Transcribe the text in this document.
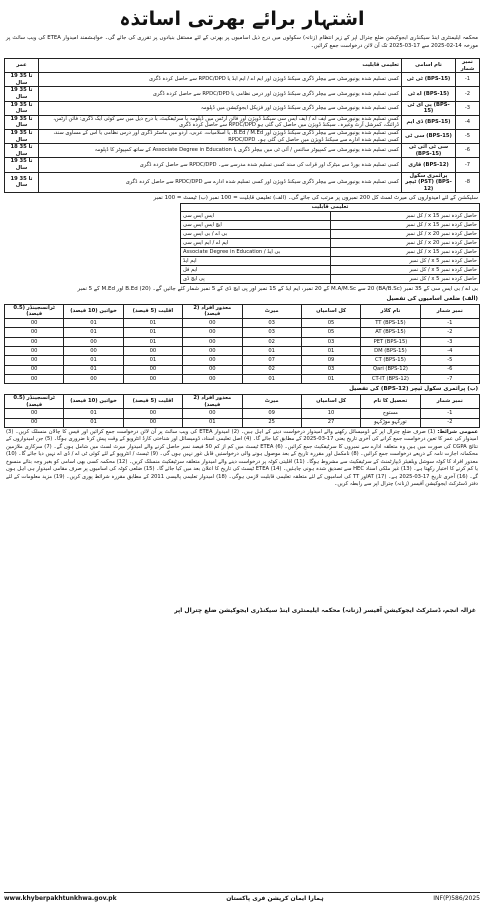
اشتہار برائے بھرتی اساتذہ
محکمہ ایلیمنٹری اینڈ سیکنڈری ایجوکیشن ضلع چترال اپر کے زیر انتظام (زنانہ) سکولوں میں درج ذیل اسامیوں پر بھرتی کے لئے مستقل بنیادوں پر تقرری کی جائے گی۔ خواہشمند امیدوار ETEA کی ویب سائٹ پر مورخہ 14-02-2025 سے 17-03-2025 تک آن لائن درخواست جمع کرائیں۔
عمر	تعلیمی قابلیت	نام اسامی	نمبر شمار
19 تا 35 سال	کسی تسلیم شدہ یونیورسٹی سے بیچلر ڈگری سیکنڈ ڈویژن اور ایم اے / ایم ایڈ یا RPDC/DPD سے حاصل کردہ ڈگری	ٹی ٹی (BPS-15)	-1
19 تا 35 سال	کسی تسلیم شدہ یونیورسٹی سے بیچلر ڈگری سیکنڈ ڈویژن اور درس نظامی یا RPDC/DPD سے حاصل کردہ ڈگری	اے ٹی (BPS-15)	-2
19 تا 35 سال	کسی تسلیم شدہ یونیورسٹی سے بیچلر ڈگری سیکنڈ ڈویژن اور فزیکل ایجوکیشن میں ڈپلومہ	پی ای ٹی (BPS-15)	-3
19 تا 35 سال	کسی تسلیم شدہ یونیورسٹی سے ایف اے / ایف ایس سی سیکنڈ ڈویژن اور فائن آرٹس میں ڈپلومہ یا سرٹیفکیٹ، یا درج ذیل میں سے کوئی ایک ڈگری: فائن آرٹس، ڈرائنگ، کمرشل آرٹ وغیرہ۔ سیکنڈ ڈویژن میں حاصل کی گئی ہو RPDC/DPD سے حاصل کردہ ڈگری	ڈی ایم (BPS-15)	-4
19 تا 35 سال	کسی تسلیم شدہ یونیورسٹی سے بیچلر ڈگری سیکنڈ ڈویژن اور B.Ed / M.Ed، یا اسلامیات، عربی، اردو میں ماسٹر ڈگری اور درس نظامی یا اس کے مساوی سند، کسی تسلیم شدہ ادارے سے سیکنڈ ڈویژن میں حاصل کی گئی ہو۔ RPDC/DPD	سی ٹی (BPS-15)	-5
18 تا 35 سال	کسی تسلیم شدہ یونیورسٹی سے کمپیوٹر سائنس / آئی ٹی میں بیچلر ڈگری یا Associate Degree in Education کے ساتھ کمپیوٹر کا ڈپلومہ	سی ٹی آئی ٹی (BPS-15)	-6
19 تا 35 سال	کسی تسلیم شدہ بورڈ سے میٹرک اور قرات کی سند کسی تسلیم شدہ مدرسے سے۔ RPDC/DPD سے حاصل کردہ ڈگری	قاری (BPS-12)	-7
19 تا 35 سال	کسی تسلیم شدہ یونیورسٹی سے بیچلر ڈگری سیکنڈ ڈویژن اور کسی تسلیم شدہ ادارے سے RPDC/DPD سے حاصل کردہ ڈگری	پرائمری سکول ٹیچر (PST) (BPS-12)	-8
سلیکشن کے لئے امیدواروں کی میرٹ لسٹ کل 200 نمبروں پر مرتب کی جائے گی۔ (الف) تعلیمی قابلیت = 100 نمبر (ب) ٹیسٹ = 100 نمبر
تعلیمی قابلیت	
ایس ایس سی	حاصل کردہ نمبر x 15 / کل نمبر
ایچ ایس ایس سی	حاصل کردہ نمبر x 15 / کل نمبر
بی اے / بی ایس سی	حاصل کردہ نمبر x 20 / کل نمبر
ایم اے / ایم ایس سی	حاصل کردہ نمبر x 20 / کل نمبر
Associate Degree in Education / بی ایڈ	حاصل کردہ نمبر x 15 / کل نمبر
ایم ایڈ	حاصل کردہ نمبر x 5 / کل نمبر
ایم فل	حاصل کردہ نمبر x 5 / کل نمبر
پی ایچ ڈی	حاصل کردہ نمبر x 5 / کل نمبر
بی اے / بی ایس سی کے 35 نمبر (BA/B.Sc) 20 سے M.A/M.Sc کے 20 نمبر، ایم ایڈ کے 15 نمبر اور پی ایچ ڈی کے 5 نمبر شمار کئے جائیں گے۔ B.Ed (20) اور M.Ed کے 5 نمبر
(الف) ضلعی اسامیوں کی تفصیل
ٹرانسجینڈر (0.5 فیصد)	خواتین (10 فیصد)	اقلیت (5 فیصد)	معذور افراد (2 فیصد)	میرٹ	کل اسامیاں	نام کاڈر	نمبر شمار
00	01	01	00	03	05	TT (BPS-15)	-1
00	01	01	00	03	05	AT (BPS-15)	-2
00	00	01	00	02	03	PET (BPS-15)	-3
00	00	00	00	01	01	DM (BPS-15)	-4
00	01	01	00	07	09	CT (BPS-15)	-5
00	01	00	00	02	03	Qari (BPS-12)	-6
00	00	00	00	01	01	CT-IT (BPS-12)	-7
(ب) پرائمری سکول ٹیچر (BPS-12) کی تفصیل
ٹرانسجینڈر (0.5 فیصد)	خواتین (10 فیصد)	اقلیت (5 فیصد)	معذور افراد (2 فیصد)	میرٹ	کل اسامیاں	تحصیل کا نام	نمبر شمار
00	01	00	00	09	10	مستوج	-1
00	01	00	01	25	27	تورکہو موڑکہو	-2
عمومی شرائط: (1) صرف ضلع چترال اپر کے ڈومیسائل رکھنے والے امیدوار درخواست دینے کے اہل ہیں۔ (2) امیدوار ETEA کی ویب سائٹ پر آن لائن درخواست جمع کرائیں اور فیس کا چالان منسلک کریں۔ (3) امیدوار کی عمر کا تعین درخواست جمع کرانے کی آخری تاریخ یعنی 17-03-2025 کے مطابق کیا جائے گا۔ (4) اصل تعلیمی اسناد، ڈومیسائل اور شناختی کارڈ انٹرویو کے وقت پیش کرنا ضروری ہوگا۔ (5) جن امیدواروں کے نتائج CGPA کی صورت میں ہیں وہ متعلقہ ادارے سے نمبروں کا سرٹیفکیٹ جمع کرائیں۔ (6) ETEA ٹیسٹ میں کم از کم 50 فیصد نمبر حاصل کرنے والے امیدوار میرٹ لسٹ میں شامل ہوں گے۔ (7) سرکاری ملازمین محکمانہ اجازت نامہ کے ذریعے درخواست جمع کرائیں۔ (8) نامکمل اور مقررہ تاریخ کے بعد موصول ہونے والی درخواستیں قابل غور نہیں ہوں گی۔ (9) ٹیسٹ / انٹرویو کے لئے کوئی ٹی اے / ڈی اے نہیں دیا جائے گا۔ (10) معذور افراد کا کوٹہ سوشل ویلفیئر ڈیپارٹمنٹ کے سرٹیفکیٹ سے مشروط ہوگا۔ (11) اقلیتی کوٹہ پر درخواست دینے والے امیدوار متعلقہ سرٹیفکیٹ منسلک کریں۔ (12) محکمہ کسی بھی اسامی کو بغیر وجہ بتائے منسوخ یا کم کرنے کا اختیار رکھتا ہے۔ (13) غیر ملکی اسناد HEC سے تصدیق شدہ ہونی چاہئیں۔ (14) ETEA ٹیسٹ کی تاریخ کا اعلان بعد میں کیا جائے گا۔ (15) ضلعی کوٹہ کی اسامیوں پر صرف مقامی امیدوار ہی اہل ہوں گے۔ (16) آخری تاریخ 17-03-2025 ہے۔ (17) ATاور TT کی اسامیوں کے لئے متعلقہ تعلیمی قابلیت لازمی ہوگی۔ (18) امیدوار تعلیمی پالیسی 2011 کے مطابق مقررہ شرائط پوری کریں۔ (19) مزید معلومات کے لئے دفتر ڈسٹرکٹ ایجوکیشن آفیسر (زنانہ) چترال اپر سے رابطہ کریں۔
غزالہ انجم، ڈسٹرکٹ ایجوکیشن آفیسر (زنانہ) محکمہ ایلیمنٹری اینڈ سیکنڈری ایجوکیشن ضلع چترال اپر
www.khyberpakhtunkhwa.gov.pk	ہمارا ایمان کرپشن فری پاکستان	INF(P)586/2025
